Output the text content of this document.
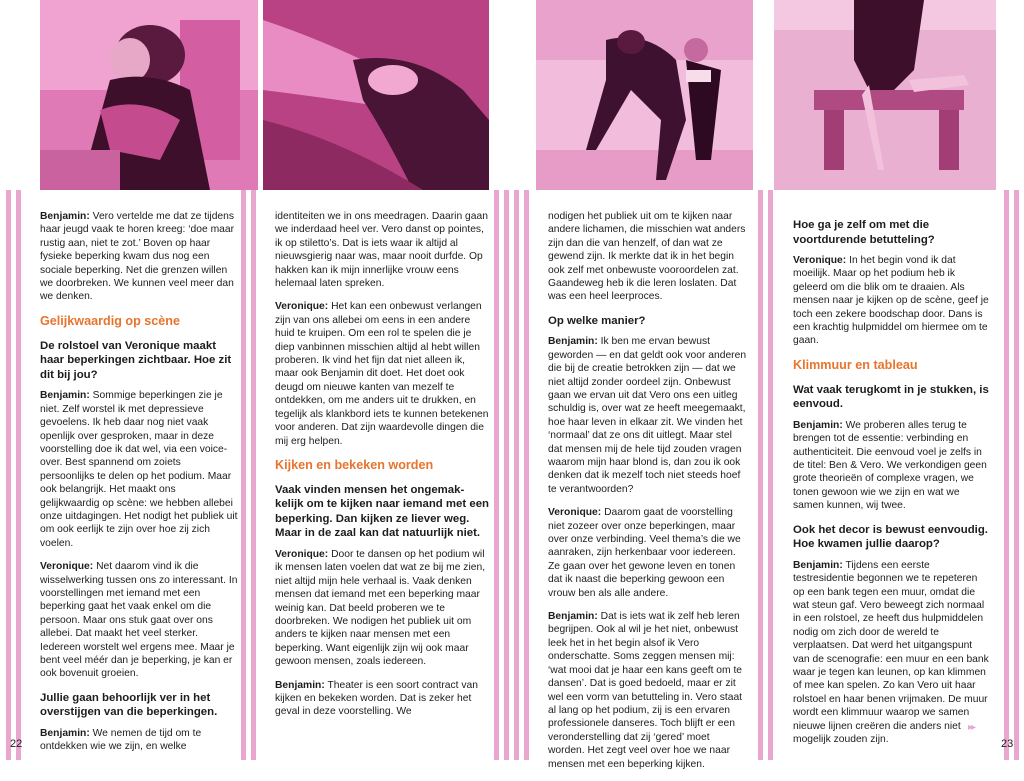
Benjamin: Vero vertelde me dat ze tijdens haar jeugd vaak te horen kreeg: ‘doe maar rustig aan, niet te zot.’ Boven op haar fysieke beperking kwam dus nog een sociale beperking. Net die grenzen willen we doorbreken. We kunnen veel meer dan we denken.

Gelijkwaardig op scène
De rolstoel van Veronique maakt haar beperkingen zichtbaar. Hoe zit dit bij jou?

Benjamin: Sommige beperkingen zie je niet. Zelf worstel ik met depressieve gevoelens. Ik heb daar nog niet vaak openlijk over gesproken, maar in deze voorstelling doe ik dat wel, via een voice-over. Best spannend om zoiets persoonlijks te delen op het podium. Maar ook belangrijk. Het maakt ons gelijkwaardig op scène: we hebben allebei onze uitdagingen. Het nodigt het publiek uit om ook eerlijk te zijn over hoe zij zich voelen.

Veronique: Net daarom vind ik die wisselwerking tussen ons zo interessant. In voorstellingen met iemand met een beperking gaat het vaak enkel om die persoon. Maar ons stuk gaat over ons allebei. Dat maakt het veel sterker. Iedereen worstelt wel ergens mee. Maar je bent veel méér dan je beperking, je kan er ook bovenuit groeien.

Jullie gaan behoorlijk ver in het overstijgen van die beperkingen.

Benjamin: We nemen de tijd om te ontdekken wie we zijn, en welke

identiteiten we in ons meedragen. Daarin gaan we inderdaad heel ver. Vero danst op pointes, ik op stiletto’s. Dat is iets waar ik altijd al nieuwsgierig naar was, maar nooit durfde. Op hakken kan ik mijn innerlijke vrouw eens helemaal laten spreken.

Veronique: Het kan een onbewust verlangen zijn van ons allebei om eens in een andere huid te kruipen. Om een rol te spelen die je diep vanbinnen misschien altijd al hebt willen proberen. Ik vind het fijn dat niet alleen ik, maar ook Benjamin dit doet. Het doet ook deugd om nieuwe kanten van mezelf te ontdekken, om me anders uit te drukken, en tegelijk als klankbord iets te kunnen betekenen voor anderen. Dat zijn waardevolle dingen die mij erg helpen.

Kijken en bekeken worden
Vaak vinden mensen het ongemak-kelijk om te kijken naar iemand met een beperking. Dan kijken ze liever weg. Maar in de zaal kan dat natuurlijk niet.

Veronique: Door te dansen op het podium wil ik mensen laten voelen dat wat ze bij me zien, niet altijd mijn hele verhaal is. Vaak denken mensen dat iemand met een beperking maar weinig kan. Dat beeld proberen we te doorbreken. We nodigen het publiek uit om anders te kijken naar mensen met een beperking. Want eigenlijk zijn wij ook maar gewoon mensen, zoals iedereen.

Benjamin: Theater is een soort contract van kijken en bekeken worden. Dat is zeker het geval in deze voorstelling. We

nodigen het publiek uit om te kijken naar andere lichamen, die misschien wat anders zijn dan die van henzelf, of dan wat ze gewend zijn. Ik merkte dat ik in het begin ook zelf met onbewuste vooroordelen zat. Gaandeweg heb ik die leren loslaten. Dat was een heel leerproces.

Op welke manier?

Benjamin: Ik ben me ervan bewust geworden — en dat geldt ook voor anderen die bij de creatie betrokken zijn — dat we niet altijd zonder oordeel zijn. Onbewust gaan we ervan uit dat Vero ons een uitleg schuldig is, over wat ze heeft meegemaakt, hoe haar leven in elkaar zit. We vinden het ‘normaal’ dat ze ons dit uitlegt. Maar stel dat mensen mij de hele tijd zouden vragen waarom mijn haar blond is, dan zou ik ook denken dat ik mezelf toch niet steeds hoef te verantwoorden?

Veronique: Daarom gaat de voorstelling niet zozeer over onze beperkingen, maar over onze verbinding. Veel thema’s die we aanraken, zijn herkenbaar voor iedereen. Ze gaan over het gewone leven en tonen dat ik naast die beperking gewoon een vrouw ben als alle andere.

Benjamin: Dat is iets wat ik zelf heb leren begrijpen. Ook al wil je het niet, onbewust leek het in het begin alsof ik Vero onderschatte. Soms zeggen mensen mij: ‘wat mooi dat je haar een kans geeft om te dansen’. Dat is goed bedoeld, maar er zit wel een vorm van betutteling in. Vero staat al lang op het podium, zij is een ervaren professionele danseres. Toch blijft er een veronderstelling dat zij ‘gered’ moet worden. Het zegt veel over hoe we naar mensen met een beperking kijken.

Hoe ga je zelf om met die voortdurende betutteling?

Veronique: In het begin vond ik dat moeilijk. Maar op het podium heb ik geleerd om die blik om te draaien. Als mensen naar je kijken op de scène, geef je toch een zekere boodschap door. Dans is een krachtig hulpmiddel om hiermee om te gaan.

Klimmuur en tableau
Wat vaak terugkomt in je stukken, is eenvoud.

Benjamin: We proberen alles terug te brengen tot de essentie: verbinding en authenticiteit. Die eenvoud voel je zelfs in de titel: Ben & Vero. We verkondigen geen grote theorieën of complexe vragen, we tonen gewoon wie we zijn en wat we samen kunnen, wij twee.

Ook het decor is bewust eenvoudig. Hoe kwamen jullie daarop?

Benjamin: Tijdens een eerste testresidentie begonnen we te repeteren op een bank tegen een muur, omdat die wat steun gaf. Vero beweegt zich normaal in een rolstoel, ze heeft dus hulpmiddelen nodig om zich door de wereld te verplaatsen. Dat werd het uitgangspunt van de scenografie: een muur en een bank waar je tegen kan leunen, op kan klimmen of mee kan spelen. Zo kan Vero uit haar rolstoel en haar benen vrijmaken. De muur wordt een klimmuur waarop we samen nieuwe lijnen creëren die anders niet mogelijk zouden zijn.

22	23
▸▸
